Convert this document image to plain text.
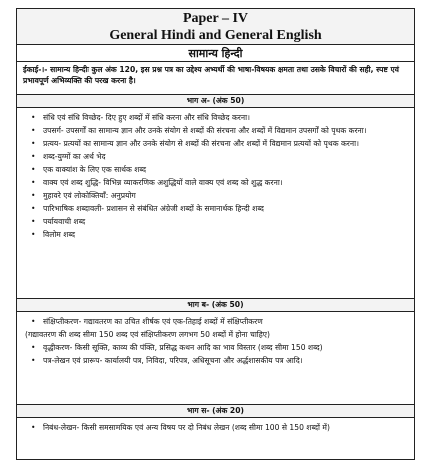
Paper – IV
General Hindi and General English
सामान्य हिन्दी
ईकाई-।- सामान्य हिन्दीः कुल अंक 120, इस प्रश्न पत्र का उद्देश्य अभ्यर्थी की भाषा-विषयक क्षमता तथा उसके विचारों की सही, स्पष्ट एवं प्रभावपूर्ण अभिव्यक्ति की परख करना है।
भाग अ- (अंक 50)
• संधि एवं संधि विच्छेद- दिए हुए शब्दों में संधि करना और संधि विच्छेद करना।
• उपसर्ग- उपसर्गों का सामान्य ज्ञान और उनके संयोग से शब्दों की संरचना और शब्दों में विद्यमान उपसर्गों को पृथक करना।
• प्रत्यय- प्रत्ययों का सामान्य ज्ञान और उनके संयोग से शब्दों की संरचना और शब्दों में विद्यमान प्रत्ययों को पृथक करना।
• शब्द-युग्मों का अर्थ भेद
• एक वाक्यांश के लिए एक सार्थक शब्द
• वाक्य एवं शब्द शुद्धि- विभिन्न व्याकरणिक अशुद्धियों वाले वाक्य एवं शब्द को शुद्ध करना।
• मुहावरे एवं लोकोक्तियाँ: अनुप्रयोग
• पारिभाषिक शब्दावली- प्रशासन से संबंधित अंग्रेजी शब्दों के समानार्थक हिन्दी शब्द
• पर्यायवाची शब्द
• विलोम शब्द
भाग ब- (अंक 50)
• संक्षिप्तीकरण- गद्यावतरण का उचित शीर्षक एवं एक-तिहाई शब्दों में संक्षिप्तीकरण
(गद्यावतरण की शब्द सीमा 150 शब्द एवं संक्षिप्तीकरण लगभग 50 शब्दों में होना चाहिए)
• वृद्धीकरण- किसी सूक्ति, काव्य की पंक्ति, प्रसिद्ध कथन आदि का भाव विस्तार (शब्द सीमा 150 शब्द)
• पत्र-लेखन एवं प्रारूप- कार्यालयी पत्र, निविदा, परिपत्र, अधिसूचना और अर्द्धशासकीय पत्र आदि।
भाग स- (अंक 20)
• निबंध-लेखन- किसी समसामयिक एवं अन्य विषय पर दो निबंध लेखन (शब्द सीमा 100 से 150 शब्दों में)
